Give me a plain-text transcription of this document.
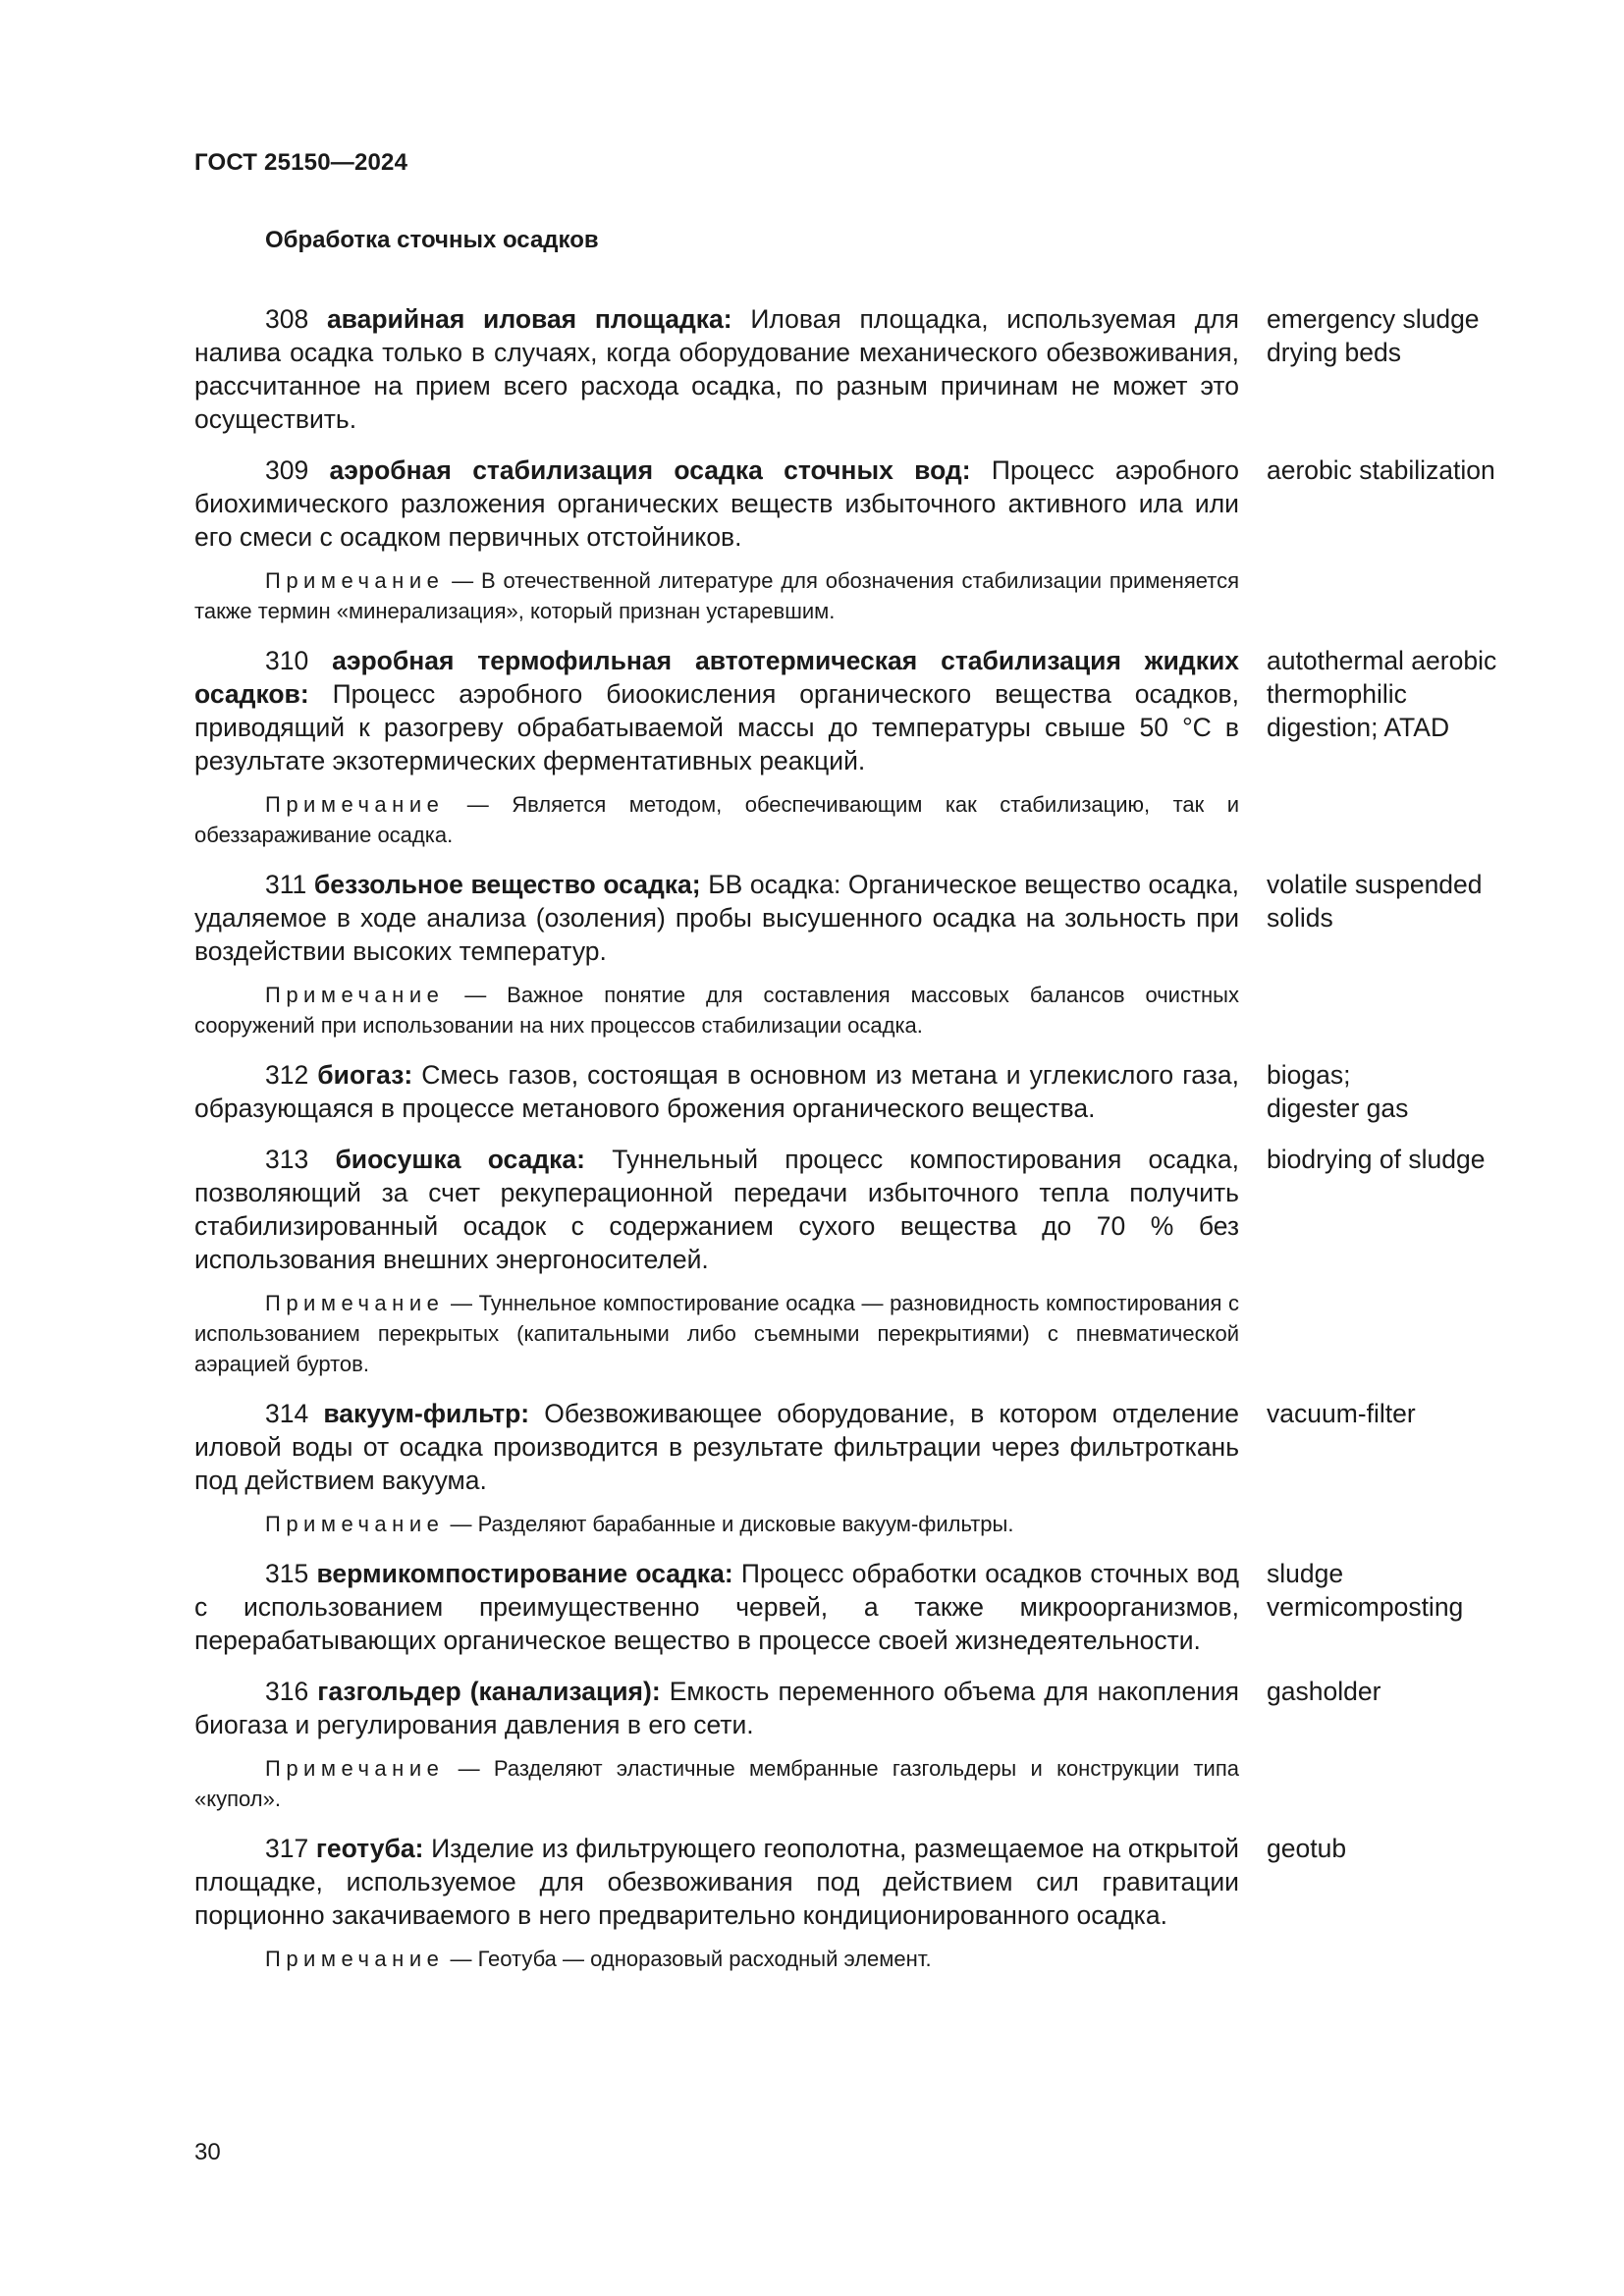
ГОСТ 25150—2024
Обработка сточных осадков
308 аварийная иловая площадка: Иловая площадка, используемая для налива осадка только в случаях, когда оборудование механического обезвоживания, рассчитанное на прием всего расхода осадка, по разным причинам не может это осуществить.
emergency sludge drying beds
309 аэробная стабилизация осадка сточных вод: Процесс аэробного биохимического разложения органических веществ избыточного активного ила или его смеси с осадком первичных отстойников.
aerobic stabilization
Примечание — В отечественной литературе для обозначения стабилизации применяется также термин «минерализация», который признан устаревшим.
310 аэробная термофильная автотермическая стабилизация жидких осадков: Процесс аэробного биоокисления органического вещества осадков, приводящий к разогреву обрабатываемой массы до температуры свыше 50 °С в результате экзотермических ферментативных реакций.
autothermal aerobic
thermophilic
digestion; ATAD
Примечание — Является методом, обеспечивающим как стабилизацию, так и обеззараживание осадка.
311 беззольное вещество осадка; БВ осадка: Органическое вещество осадка, удаляемое в ходе анализа (озоления) пробы высушенного осадка на зольность при воздействии высоких температур.
volatile suspended
solids
Примечание — Важное понятие для составления массовых балансов очистных сооружений при использовании на них процессов стабилизации осадка.
312 биогаз: Смесь газов, состоящая в основном из метана и углекислого газа, образующаяся в процессе метанового брожения органического вещества.
biogas;
digester gas
313 биосушка осадка: Туннельный процесс компостирования осадка, позволяющий за счет рекуперационной передачи избыточного тепла получить стабилизированный осадок с содержанием сухого вещества до 70 % без использования внешних энергоносителей.
biodrying of sludge
Примечание — Туннельное компостирование осадка — разновидность компостирования с использованием перекрытых (капитальными либо съемными перекрытиями) с пневматической аэрацией буртов.
314 вакуум-фильтр: Обезвоживающее оборудование, в котором отделение иловой воды от осадка производится в результате фильтрации через фильтроткань под действием вакуума.
vacuum-filter
Примечание — Разделяют барабанные и дисковые вакуум-фильтры.
315 вермикомпостирование осадка: Процесс обработки осадков сточных вод с использованием преимущественно червей, а также микроорганизмов, перерабатывающих органическое вещество в процессе своей жизнедеятельности.
sludge
vermicomposting
316 газгольдер (канализация): Емкость переменного объема для накопления биогаза и регулирования давления в его сети.
gasholder
Примечание — Разделяют эластичные мембранные газгольдеры и конструкции типа «купол».
317 геотуба: Изделие из фильтрующего геополотна, размещаемое на открытой площадке, используемое для обезвоживания под действием сил гравитации порционно закачиваемого в него предварительно кондиционированного осадка.
geotub
Примечание — Геотуба — одноразовый расходный элемент.
30
